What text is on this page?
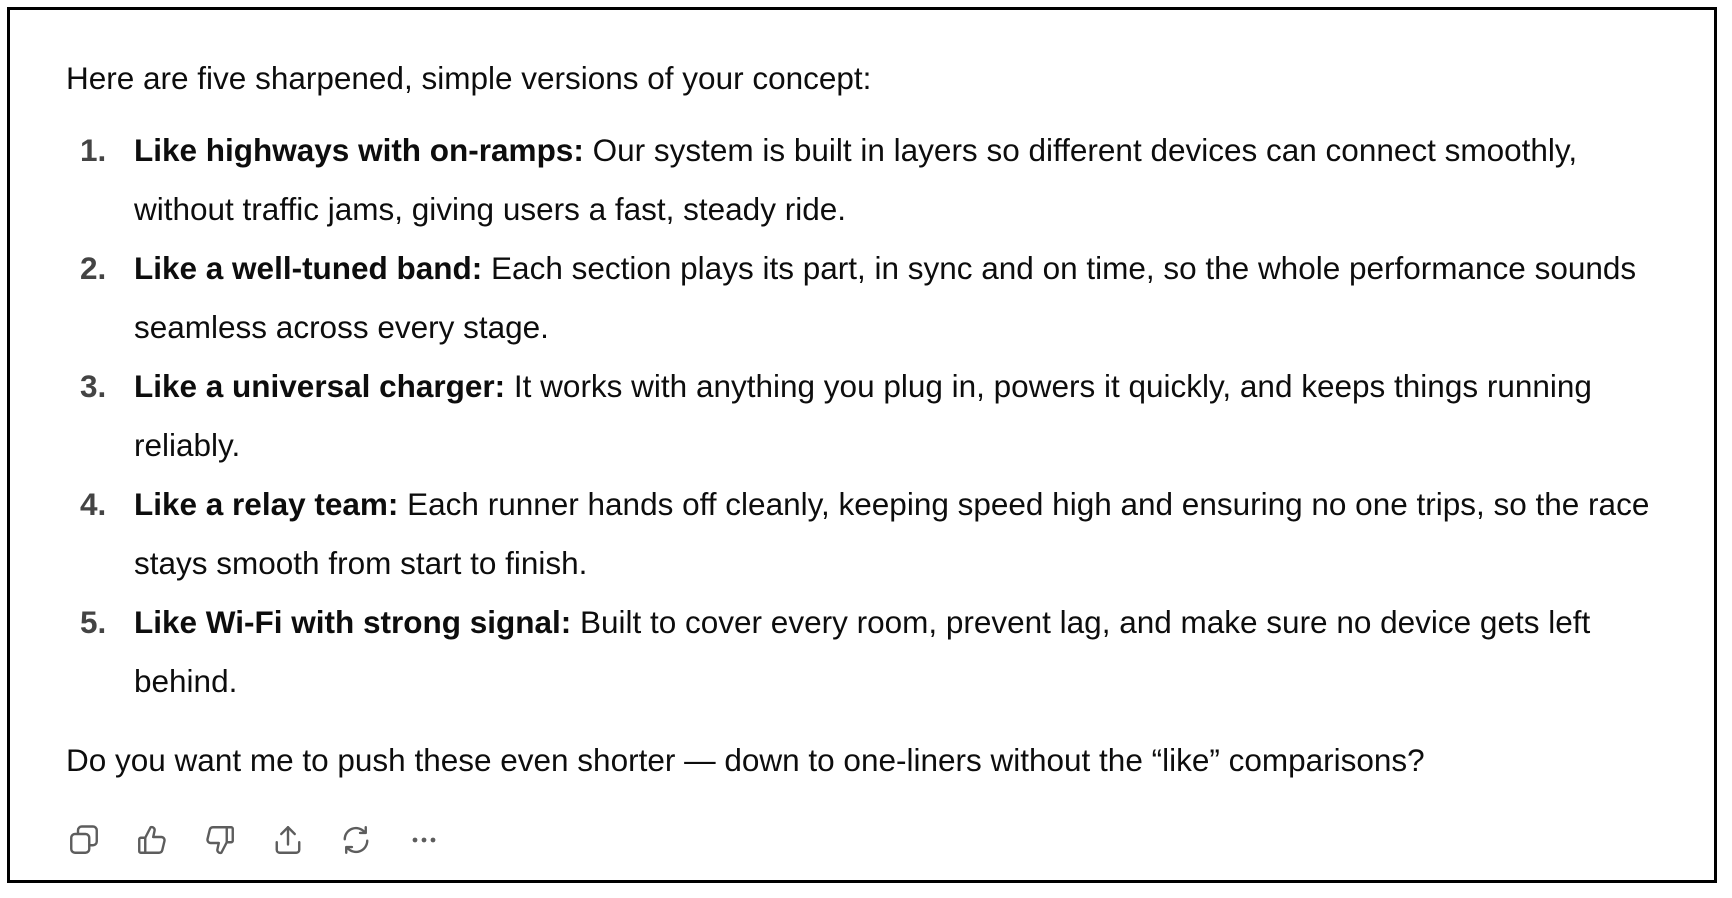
Here are five sharpened, simple versions of your concept:
1. Like highways with on-ramps: Our system is built in layers so different devices can connect smoothly, without traffic jams, giving users a fast, steady ride.
2. Like a well-tuned band: Each section plays its part, in sync and on time, so the whole performance sounds seamless across every stage.
3. Like a universal charger: It works with anything you plug in, powers it quickly, and keeps things running reliably.
4. Like a relay team: Each runner hands off cleanly, keeping speed high and ensuring no one trips, so the race stays smooth from start to finish.
5. Like Wi-Fi with strong signal: Built to cover every room, prevent lag, and make sure no device gets left behind.
Do you want me to push these even shorter — down to one-liners without the “like” comparisons?
